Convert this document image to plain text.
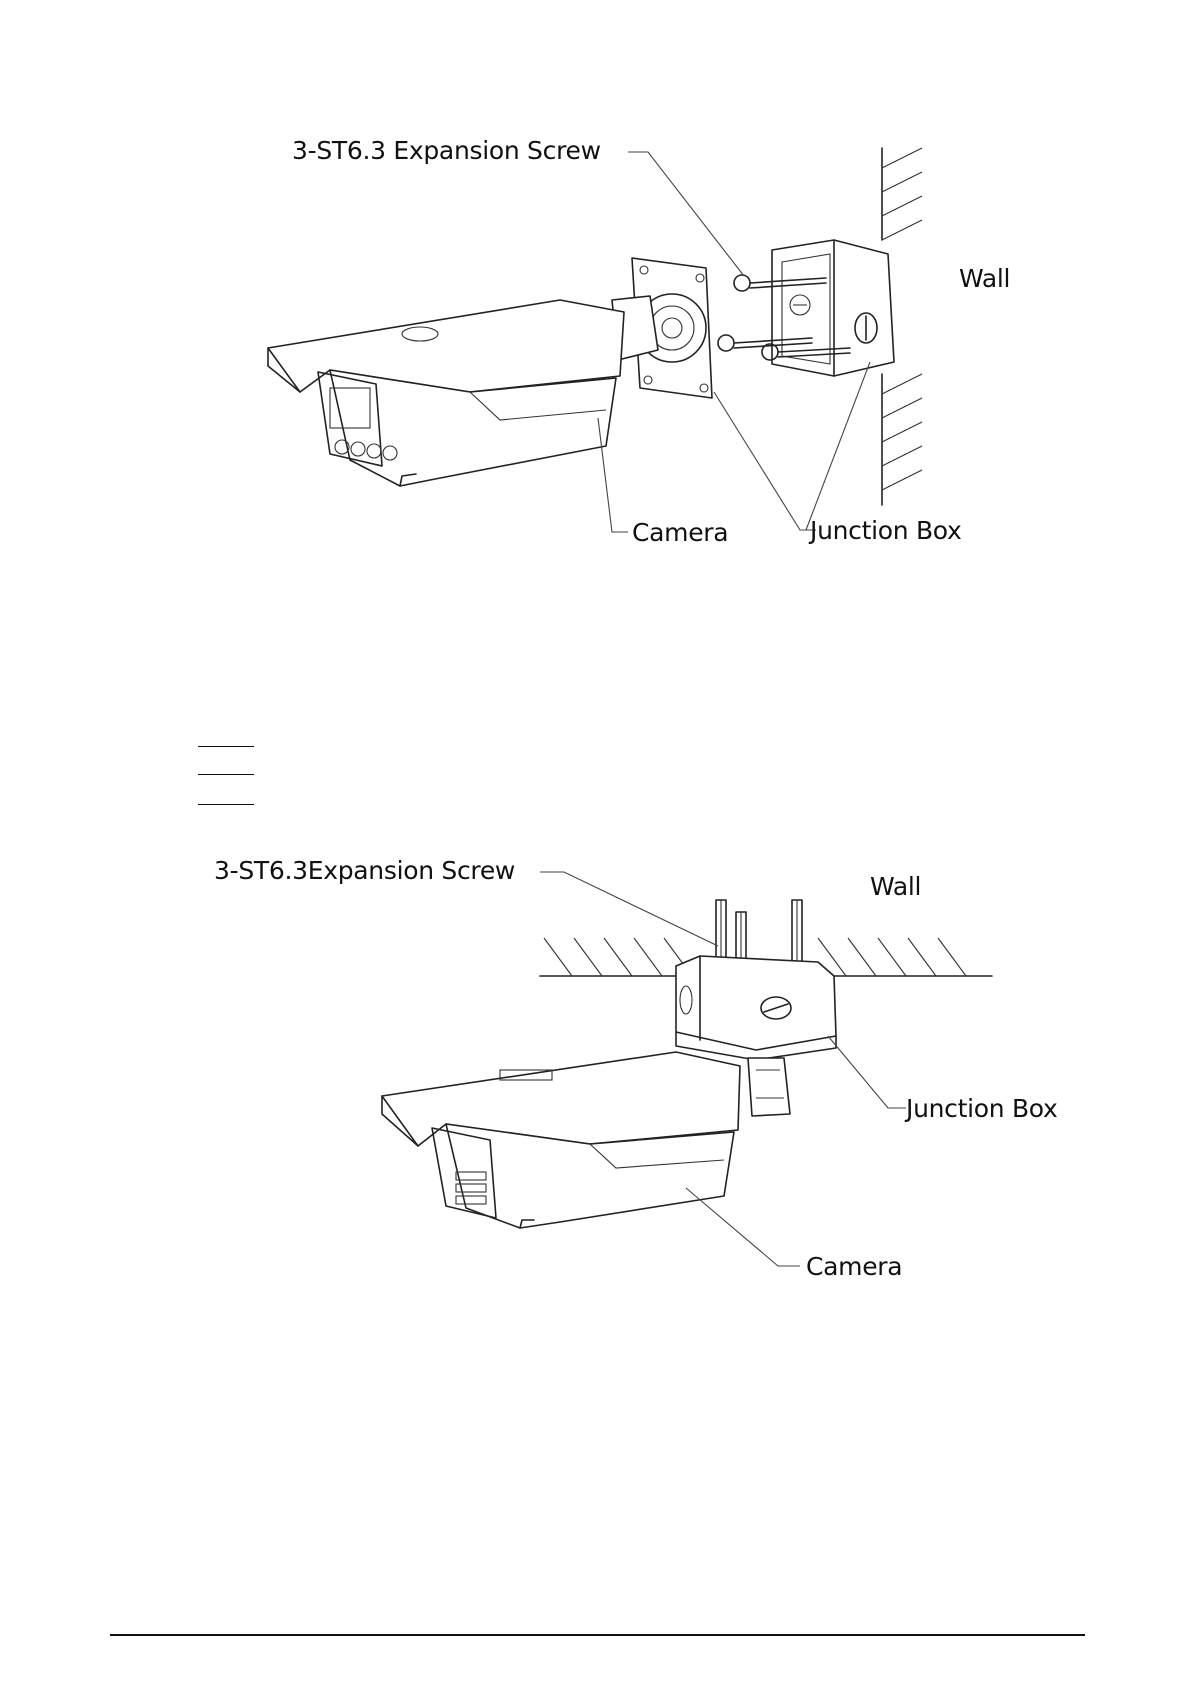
3-ST6.3 Expansion Screw
Wall
Camera	Junction Box
3-ST6.3Expansion Screw
Wall
Junction Box
Camera
